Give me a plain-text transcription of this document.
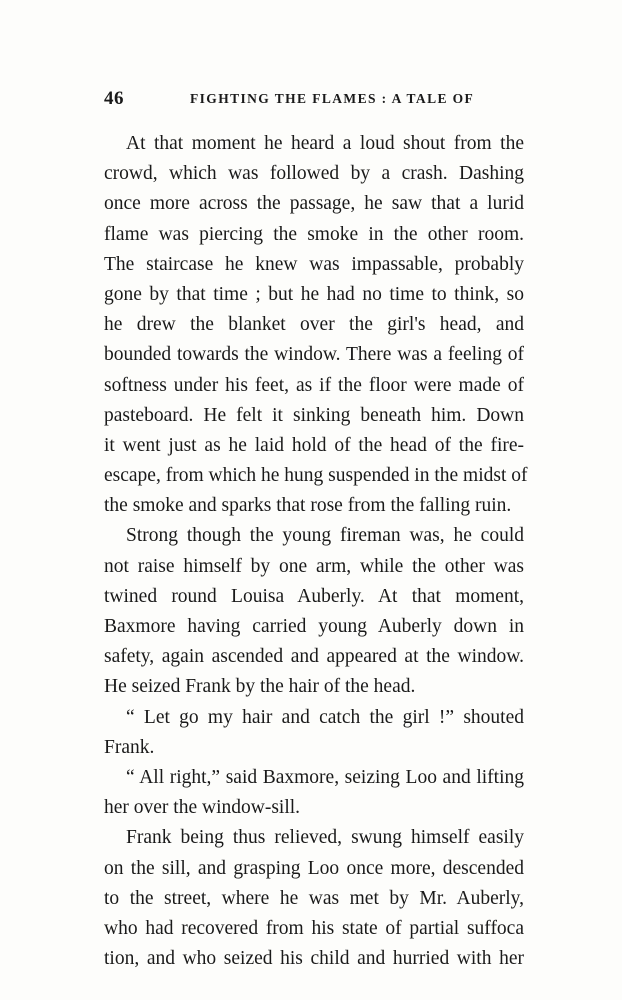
46	FIGHTING THE FLAMES : A TALE OF
At that moment he heard a loud shout from the
crowd, which was followed by a crash. Dashing
once more across the passage, he saw that a lurid
flame was piercing the smoke in the other room.
The staircase he knew was impassable, probably
gone by that time ; but he had no time to think, so
he drew the blanket over the girl's head, and
bounded towards the window. There was a feeling of
softness under his feet, as if the floor were made of
pasteboard. He felt it sinking beneath him. Down
it went just as he laid hold of the head of the fire-
escape, from which he hung suspended in the midst of
the smoke and sparks that rose from the falling ruin.
Strong though the young fireman was, he could
not raise himself by one arm, while the other was
twined round Louisa Auberly. At that moment,
Baxmore having carried young Auberly down in
safety, again ascended and appeared at the window.
He seized Frank by the hair of the head.
“ Let go my hair and catch the girl !” shouted
Frank.
“ All right,” said Baxmore, seizing Loo and lifting
her over the window-sill.
Frank being thus relieved, swung himself easily
on the sill, and grasping Loo once more, descended
to the street, where he was met by Mr. Auberly,
who had recovered from his state of partial suffoca
tion, and who seized his child and hurried with her
